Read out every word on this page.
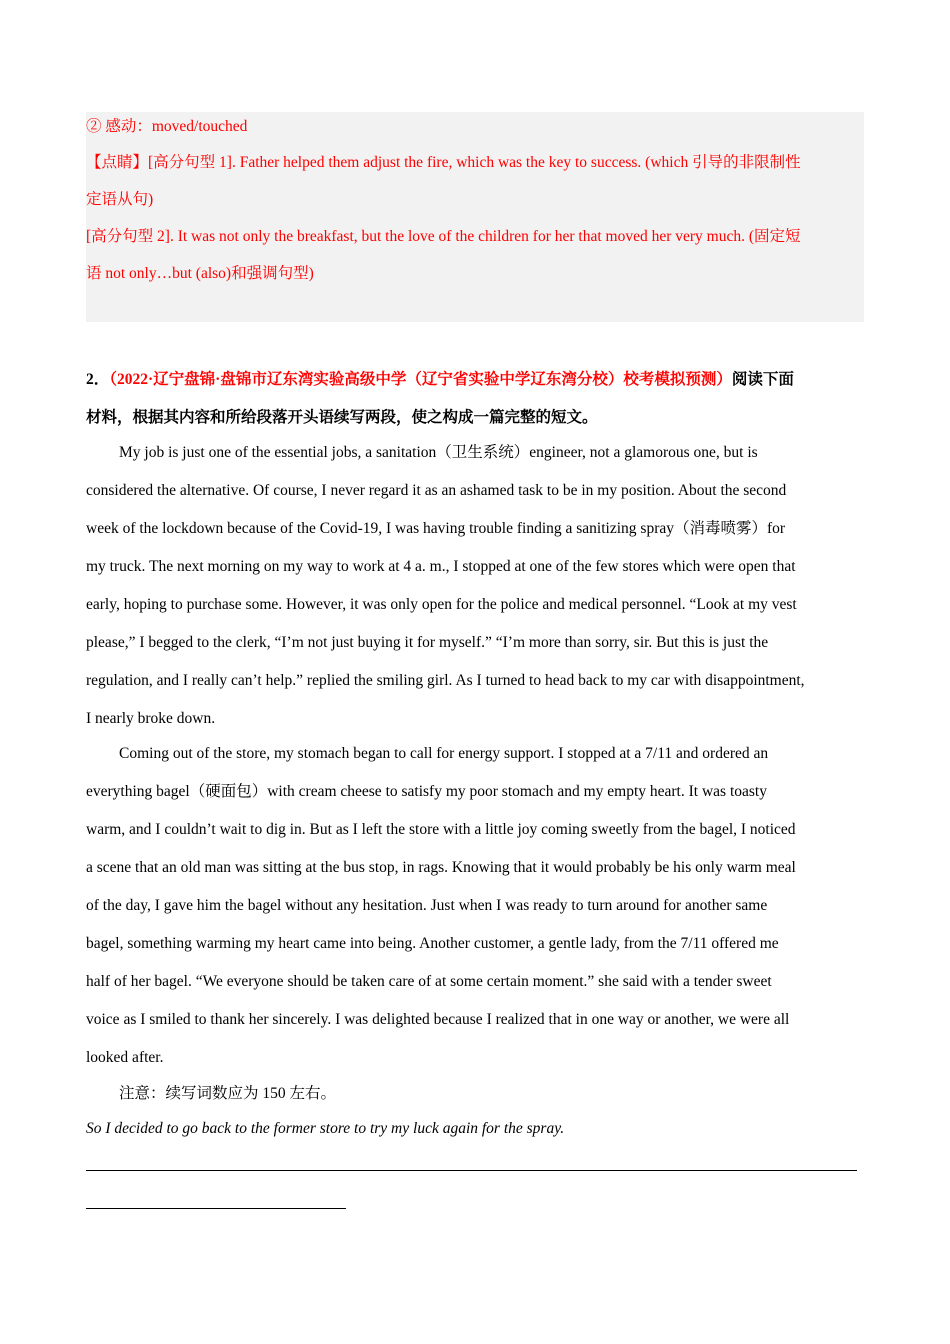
② 感动：moved/touched
【点睛】[高分句型 1]. Father helped them adjust the fire, which was the key to success. (which 引导的非限制性
定语从句)
[高分句型 2]. It was not only the breakfast, but the love of the children for her that moved her very much. (固定短
语 not only…but (also)和强调句型)
2．（2022·辽宁盘锦·盘锦市辽东湾实验高级中学（辽宁省实验中学辽东湾分校）校考模拟预测）阅读下面
材料，根据其内容和所给段落开头语续写两段，使之构成一篇完整的短文。
My job is just one of the essential jobs, a sanitation（卫生系统）engineer, not a glamorous one, but is
considered the alternative. Of course, I never regard it as an ashamed task to be in my position. About the second
week of the lockdown because of the Covid-19, I was having trouble finding a sanitizing spray（消毒喷雾）for
my truck. The next morning on my way to work at 4 a. m., I stopped at one of the few stores which were open that
early, hoping to purchase some. However, it was only open for the police and medical personnel. “Look at my vest
please,” I begged to the clerk, “I’m not just buying it for myself.” “I’m more than sorry, sir. But this is just the
regulation, and I really can’t help.” replied the smiling girl. As I turned to head back to my car with disappointment,
I nearly broke down.
Coming out of the store, my stomach began to call for energy support. I stopped at a 7/11 and ordered an
everything bagel（硬面包）with cream cheese to satisfy my poor stomach and my empty heart. It was toasty
warm, and I couldn’t wait to dig in. But as I left the store with a little joy coming sweetly from the bagel, I noticed
a scene that an old man was sitting at the bus stop, in rags. Knowing that it would probably be his only warm meal
of the day, I gave him the bagel without any hesitation. Just when I was ready to turn around for another same
bagel, something warming my heart came into being. Another customer, a gentle lady, from the 7/11 offered me
half of her bagel. “We everyone should be taken care of at some certain moment.” she said with a tender sweet
voice as I smiled to thank her sincerely. I was delighted because I realized that in one way or another, we were all
looked after.
注意：续写词数应为 150 左右。
So I decided to go back to the former store to try my luck again for the spray.
